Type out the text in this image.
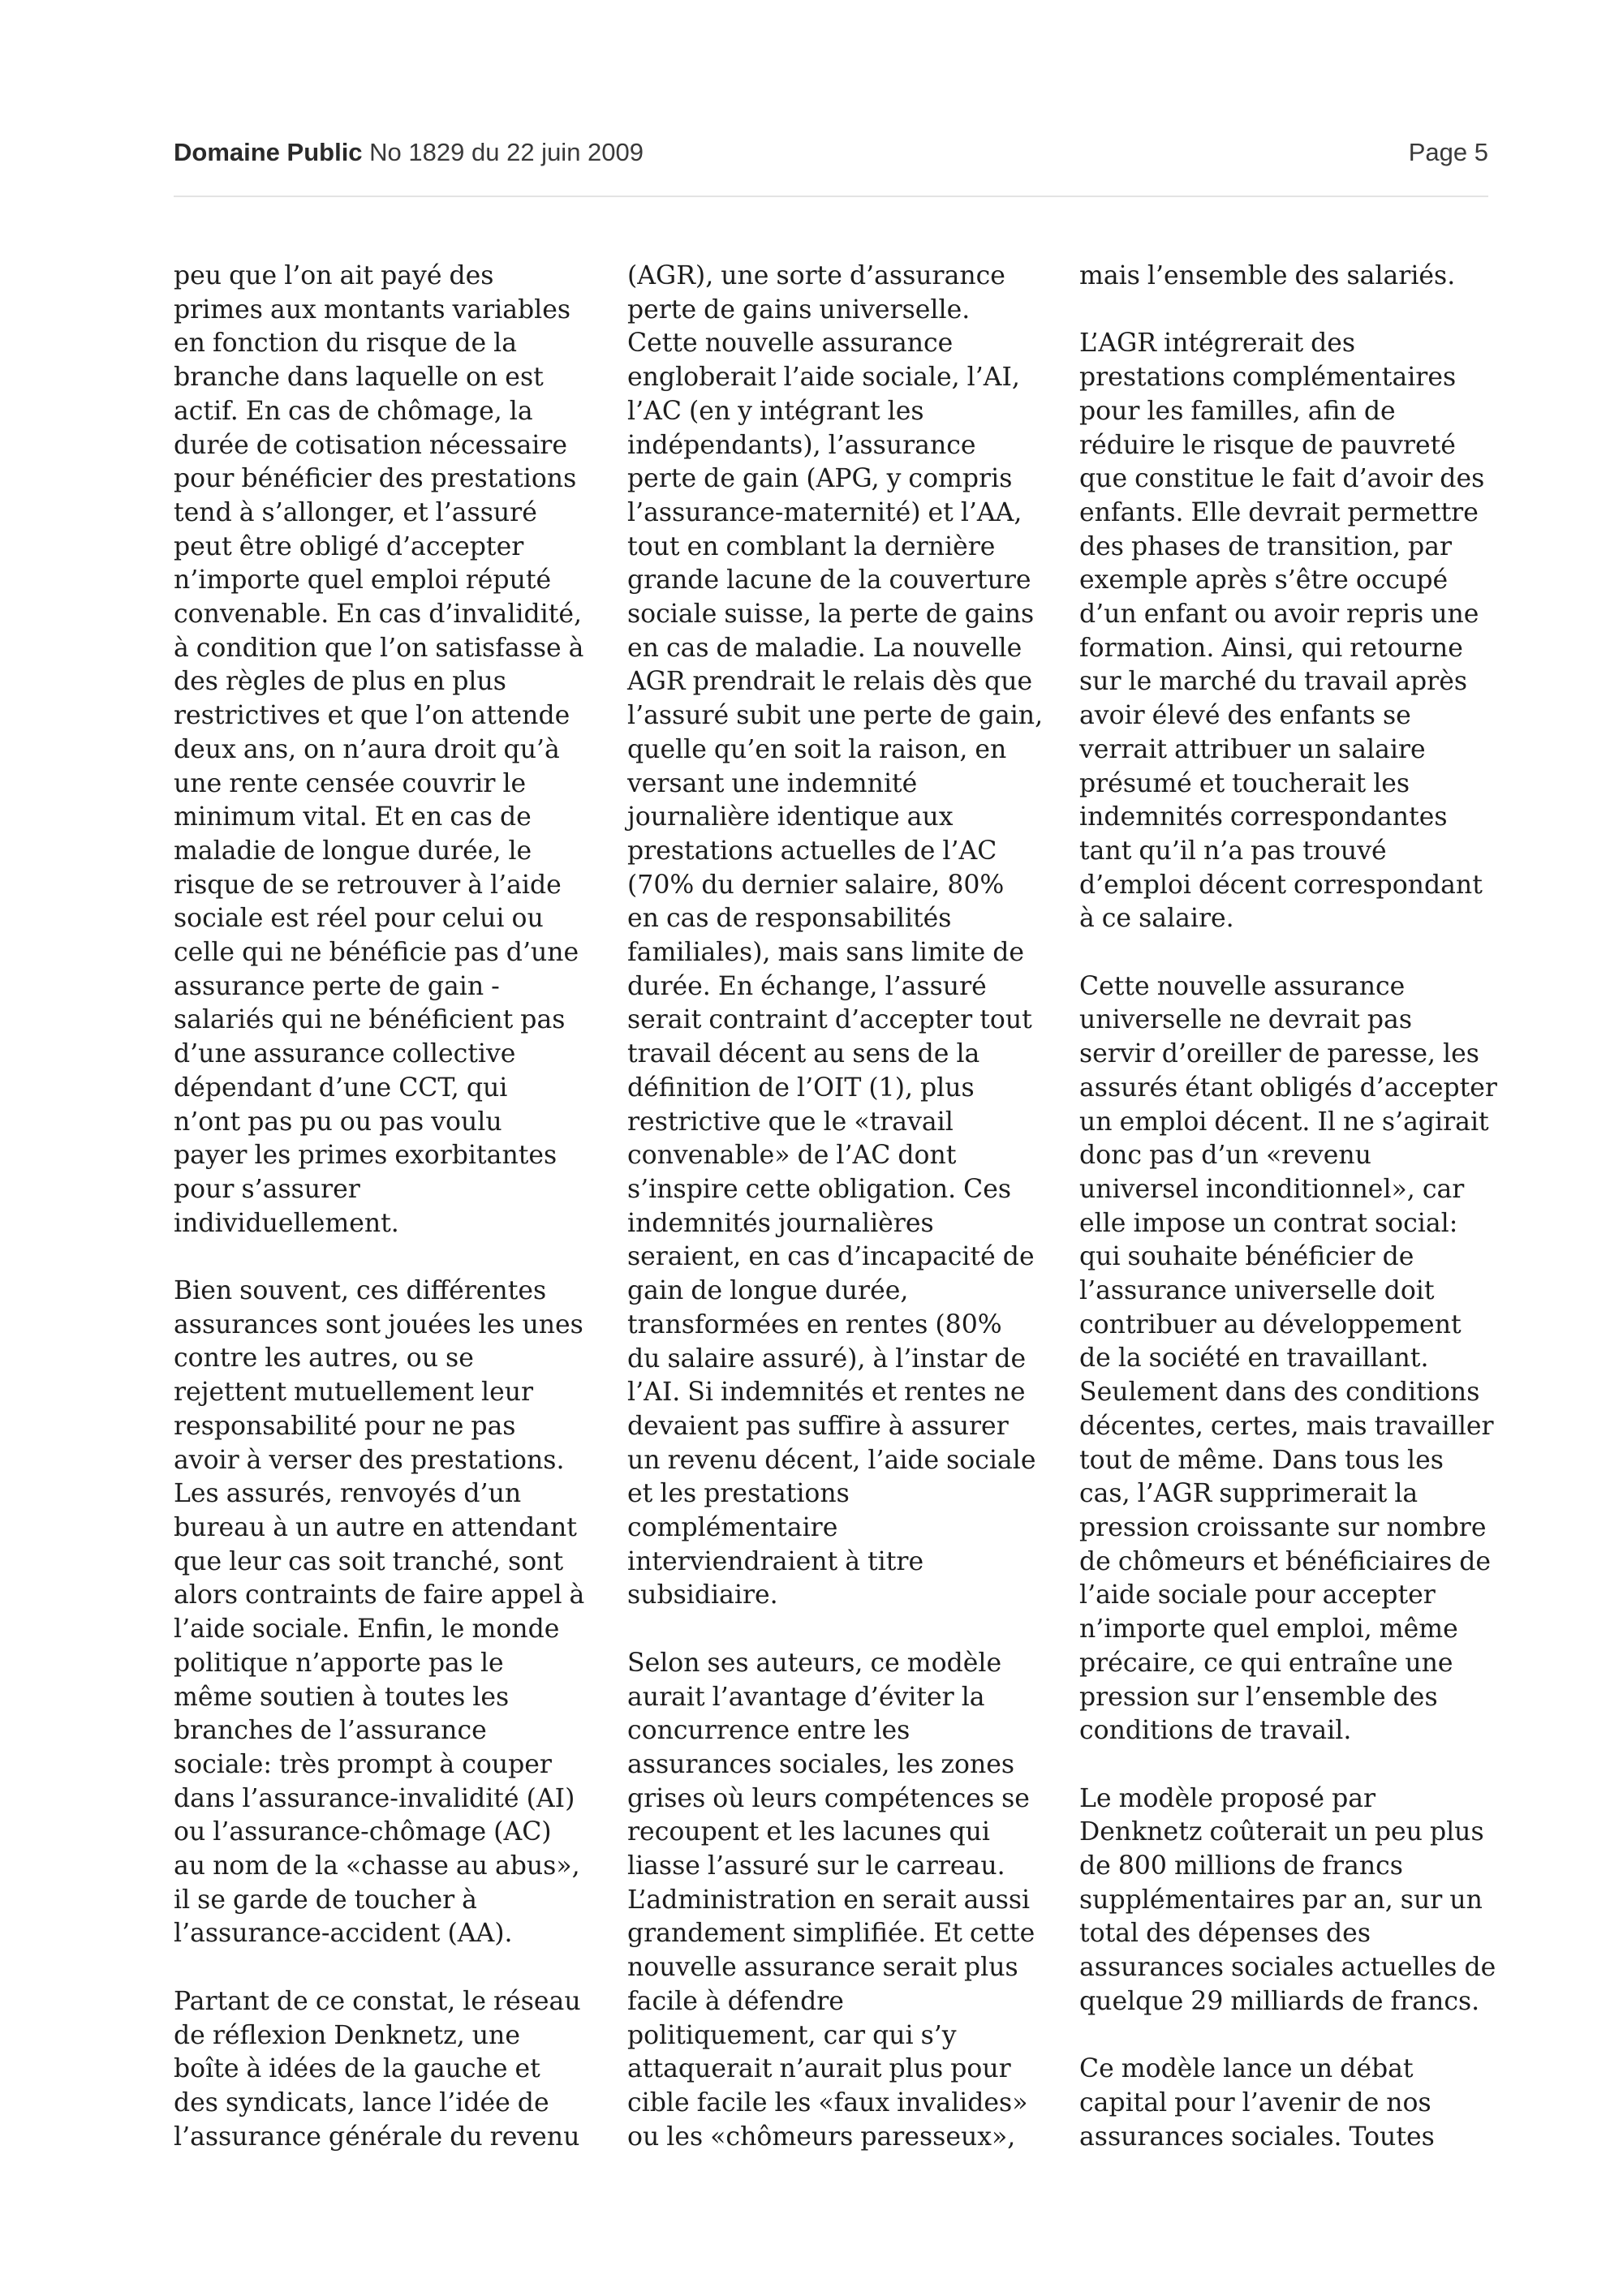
Domaine Public No 1829 du 22 juin 2009	Page 5

peu que l’on ait payé des
primes aux montants variables
en fonction du risque de la
branche dans laquelle on est
actif. En cas de chômage, la
durée de cotisation nécessaire
pour bénéficier des prestations
tend à s’allonger, et l’assuré
peut être obligé d’accepter
n’importe quel emploi réputé
convenable. En cas d’invalidité,
à condition que l’on satisfasse à
des règles de plus en plus
restrictives et que l’on attende
deux ans, on n’aura droit qu’à
une rente censée couvrir le
minimum vital. Et en cas de
maladie de longue durée, le
risque de se retrouver à l’aide
sociale est réel pour celui ou
celle qui ne bénéficie pas d’une
assurance perte de gain -
salariés qui ne bénéficient pas
d’une assurance collective
dépendant d’une CCT, qui
n’ont pas pu ou pas voulu
payer les primes exorbitantes
pour s’assurer
individuellement.

Bien souvent, ces différentes
assurances sont jouées les unes
contre les autres, ou se
rejettent mutuellement leur
responsabilité pour ne pas
avoir à verser des prestations.
Les assurés, renvoyés d’un
bureau à un autre en attendant
que leur cas soit tranché, sont
alors contraints de faire appel à
l’aide sociale. Enfin, le monde
politique n’apporte pas le
même soutien à toutes les
branches de l’assurance
sociale: très prompt à couper
dans l’assurance-invalidité (AI)
ou l’assurance-chômage (AC)
au nom de la «chasse au abus»,
il se garde de toucher à
l’assurance-accident (AA).

Partant de ce constat, le réseau
de réflexion Denknetz, une
boîte à idées de la gauche et
des syndicats, lance l’idée de
l’assurance générale du revenu

(AGR), une sorte d’assurance
perte de gains universelle.
Cette nouvelle assurance
engloberait l’aide sociale, l’AI,
l’AC (en y intégrant les
indépendants), l’assurance
perte de gain (APG, y compris
l’assurance-maternité) et l’AA,
tout en comblant la dernière
grande lacune de la couverture
sociale suisse, la perte de gains
en cas de maladie. La nouvelle
AGR prendrait le relais dès que
l’assuré subit une perte de gain,
quelle qu’en soit la raison, en
versant une indemnité
journalière identique aux
prestations actuelles de l’AC
(70% du dernier salaire, 80%
en cas de responsabilités
familiales), mais sans limite de
durée. En échange, l’assuré
serait contraint d’accepter tout
travail décent au sens de la
définition de l’OIT (1), plus
restrictive que le «travail
convenable» de l’AC dont
s’inspire cette obligation. Ces
indemnités journalières
seraient, en cas d’incapacité de
gain de longue durée,
transformées en rentes (80%
du salaire assuré), à l’instar de
l’AI. Si indemnités et rentes ne
devaient pas suffire à assurer
un revenu décent, l’aide sociale
et les prestations
complémentaire
interviendraient à titre
subsidiaire.

Selon ses auteurs, ce modèle
aurait l’avantage d’éviter la
concurrence entre les
assurances sociales, les zones
grises où leurs compétences se
recoupent et les lacunes qui
liasse l’assuré sur le carreau.
L’administration en serait aussi
grandement simplifiée. Et cette
nouvelle assurance serait plus
facile à défendre
politiquement, car qui s’y
attaquerait n’aurait plus pour
cible facile les «faux invalides»
ou les «chômeurs paresseux»,

mais l’ensemble des salariés.

L’AGR intégrerait des
prestations complémentaires
pour les familles, afin de
réduire le risque de pauvreté
que constitue le fait d’avoir des
enfants. Elle devrait permettre
des phases de transition, par
exemple après s’être occupé
d’un enfant ou avoir repris une
formation. Ainsi, qui retourne
sur le marché du travail après
avoir élevé des enfants se
verrait attribuer un salaire
présumé et toucherait les
indemnités correspondantes
tant qu’il n’a pas trouvé
d’emploi décent correspondant
à ce salaire.

Cette nouvelle assurance
universelle ne devrait pas
servir d’oreiller de paresse, les
assurés étant obligés d’accepter
un emploi décent. Il ne s’agirait
donc pas d’un «revenu
universel inconditionnel», car
elle impose un contrat social:
qui souhaite bénéficier de
l’assurance universelle doit
contribuer au développement
de la société en travaillant.
Seulement dans des conditions
décentes, certes, mais travailler
tout de même. Dans tous les
cas, l’AGR supprimerait la
pression croissante sur nombre
de chômeurs et bénéficiaires de
l’aide sociale pour accepter
n’importe quel emploi, même
précaire, ce qui entraîne une
pression sur l’ensemble des
conditions de travail.

Le modèle proposé par
Denknetz coûterait un peu plus
de 800 millions de francs
supplémentaires par an, sur un
total des dépenses des
assurances sociales actuelles de
quelque 29 milliards de francs.

Ce modèle lance un débat
capital pour l’avenir de nos
assurances sociales. Toutes
